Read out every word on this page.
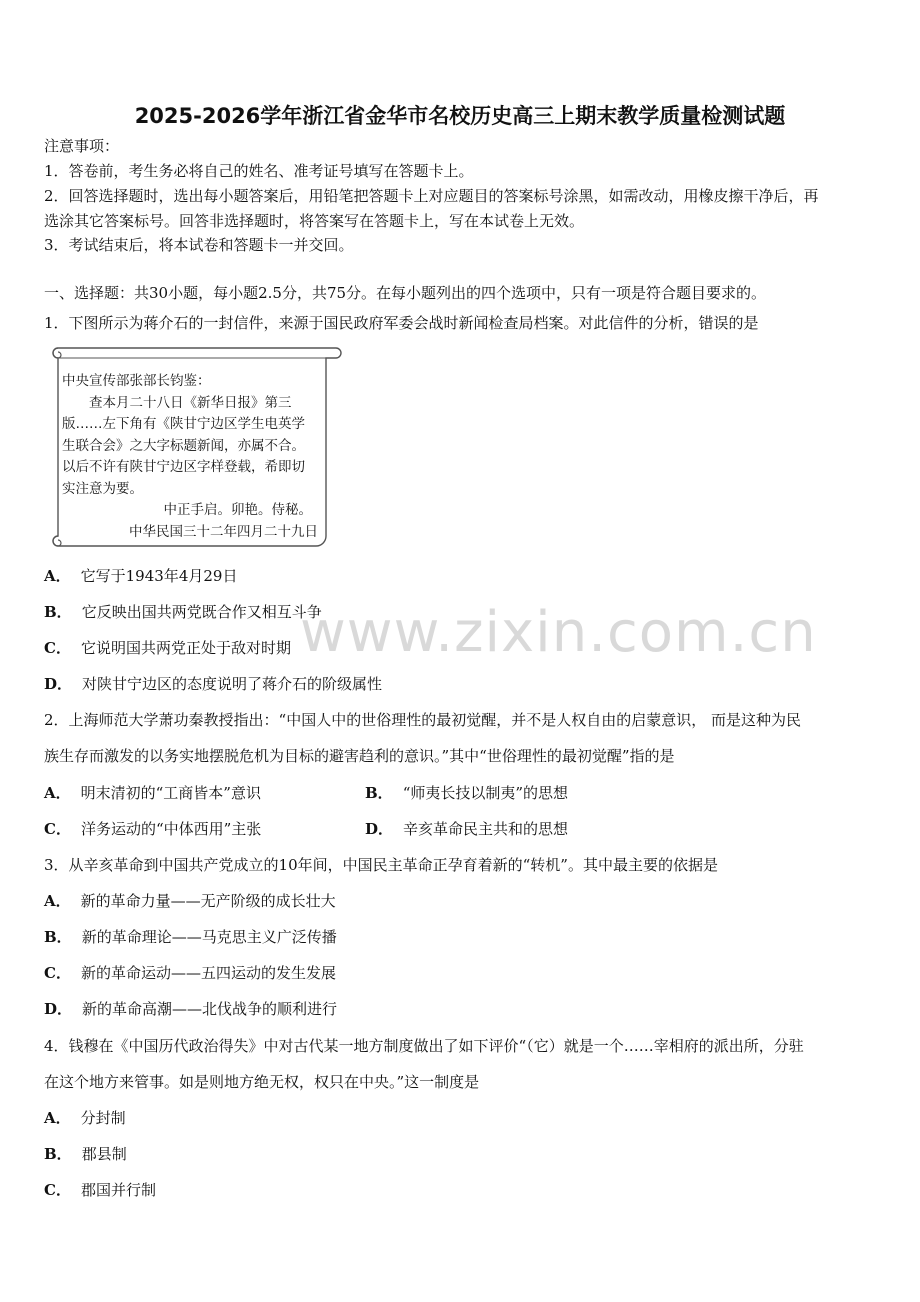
2025-2026学年浙江省金华市名校历史高三上期末教学质量检测试题
注意事项：
1．答卷前，考生务必将自己的姓名、准考证号填写在答题卡上。
2．回答选择题时，选出每小题答案后，用铅笔把答题卡上对应题目的答案标号涂黑，如需改动，用橡皮擦干净后，再
选涂其它答案标号。回答非选择题时，将答案写在答题卡上，写在本试卷上无效。
3．考试结束后，将本试卷和答题卡一并交回。
一、选择题：共30小题，每小题2.5分，共75分。在每小题列出的四个选项中，只有一项是符合题目要求的。
1．下图所示为蒋介石的一封信件，来源于国民政府军委会战时新闻检查局档案。对此信件的分析，错误的是
中央宣传部张部长钧鉴：
　　查本月二十八日《新华日报》第三
版……左下角有《陕甘宁边区学生电英学
生联合会》之大字标题新闻，亦属不合。
以后不许有陕甘宁边区字样登载，希即切
实注意为要。
中正手启。卯艳。侍秘。
中华民国三十二年四月二十九日
A． 它写于1943年4月29日
B． 它反映出国共两党既合作又相互斗争
C． 它说明国共两党正处于敌对时期
D． 对陕甘宁边区的态度说明了蒋介石的阶级属性
2．上海师范大学萧功秦教授指出：“中国人中的世俗理性的最初觉醒，并不是人权自由的启蒙意识， 而是这种为民
族生存而激发的以务实地摆脱危机为目标的避害趋利的意识。”其中“世俗理性的最初觉醒”指的是
A． 明末清初的“工商皆本”意识	B． “师夷长技以制夷”的思想
C． 洋务运动的“中体西用”主张	D． 辛亥革命民主共和的思想
3．从辛亥革命到中国共产党成立的10年间，中国民主革命正孕育着新的“转机”。其中最主要的依据是
A． 新的革命力量——无产阶级的成长壮大
B． 新的革命理论——马克思主义广泛传播
C． 新的革命运动——五四运动的发生发展
D． 新的革命高潮——北伐战争的顺利进行
4．钱穆在《中国历代政治得失》中对古代某一地方制度做出了如下评价“（它）就是一个……宰相府的派出所，分驻
在这个地方来管事。如是则地方绝无权，权只在中央。”这一制度是
A． 分封制
B． 郡县制
C． 郡国并行制
www.zixin.com.cn
